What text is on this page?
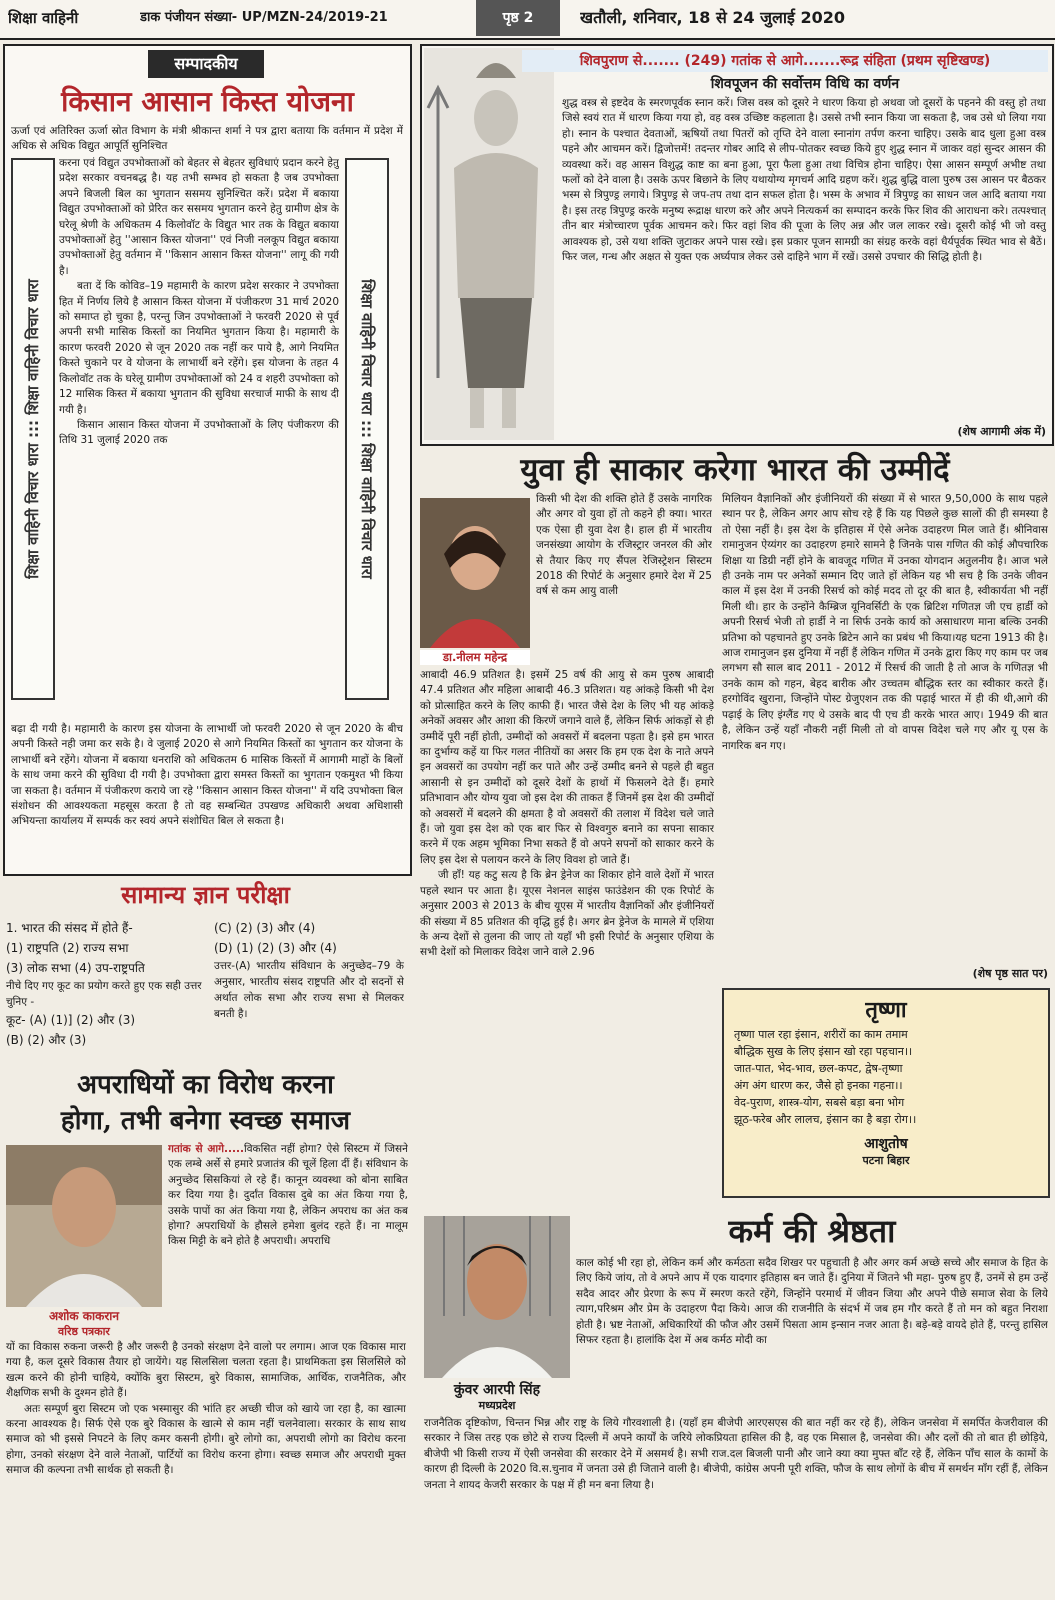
शिक्षा वाहिनी	डाक पंजीयन संख्या- UP/MZN-24/2019-21	पृष्ठ 2	खतौली, शनिवार, 18 से 24 जुलाई 2020
सम्पादकीय
किसान आसान किस्त योजना

ऊर्जा एवं अतिरिक्त ऊर्जा स्रोत विभाग के मंत्री श्रीकान्त शर्मा ने पत्र द्वारा बताया कि वर्तमान में प्रदेश में अधिक से अधिक विद्युत आपूर्ति सुनिश्चित

शिक्षा वाहिनी विचार धारा ::: शिक्षा वाहिनी विचार धारा	शिक्षा वाहिनी विचार धारा ::: शिक्षा वाहिनी विचार धारा

करना एवं विद्युत उपभोक्ताओं को बेहतर से बेहतर सुविधाएं प्रदान करने हेतु प्रदेश सरकार वचनबद्ध है। यह तभी सम्भव हो सकता है जब उपभोक्ता अपने बिजली बिल का भुगतान ससमय सुनिश्चित करें। प्रदेश में बकाया विद्युत उपभोक्ताओं को प्रेरित कर ससमय भुगतान करने हेतु ग्रामीण क्षेत्र के घरेलू श्रेणी के अधिकतम 4 किलोवॉट के विद्युत भार तक के विद्युत बकाया उपभोक्ताओं हेतु ''आसान किस्त योजना'' एवं निजी नलकूप विद्युत बकाया उपभोक्ताओं हेतु वर्तमान में ''किसान आसान किस्त योजना'' लागू की गयी है।

बता दें कि कोविड–19 महामारी के कारण प्रदेश सरकार ने उपभोक्ता हित में निर्णय लिये है आसान किस्त योजना में पंजीकरण 31 मार्च 2020 को समाप्त हो चुका है, परन्तु जिन उपभोक्ताओं ने फरवरी 2020 से पूर्व अपनी सभी मासिक किस्तों का नियमित भुगतान किया है। महामारी के कारण फरवरी 2020 से जून 2020 तक नहीं कर पाये है, आगे नियमित किस्ते चुकाने पर वे योजना के लाभार्थी बने रहेंगे। इस योजना के तहत 4 किलोवॉट तक के घरेलू ग्रामीण उपभोक्ताओं को 24 व शहरी उपभोक्ता को 12 मासिक किस्त में बकाया भुगतान की सुविधा सरचार्ज माफी के साथ दी गयी है।

किसान आसान किस्त योजना में उपभोक्ताओं के लिए पंजीकरण की तिथि 31 जुलाई 2020 तक

बढ़ा दी गयी है। महामारी के कारण इस योजना के लाभार्थी जो फरवरी 2020 से जून 2020 के बीच अपनी किस्ते नही जमा कर सके है। वे जुलाई 2020 से आगे नियमित किस्तों का भुगतान कर योजना के लाभार्थी बने रहेंगे। योजना में बकाया धनराशि को अधिकतम 6 मासिक किस्तों में आगामी माहों के बिलों के साथ जमा करने की सुविधा दी गयी है। उपभोक्ता द्वारा समस्त किस्तों का भुगतान एकमुश्त भी किया जा सकता है। वर्तमान में पंजीकरण कराये जा रहे ''किसान आसान किस्त योजना'' में यदि उपभोक्ता बिल संशोधन की आवश्यकता महसूस करता है तो वह सम्बन्धित उपखण्ड अधिकारी अथवा अधिशासी अभियन्ता कार्यालय में सम्पर्क कर स्वयं अपने संशोधित बिल ले सकता है।

सामान्य ज्ञान परीक्षा
1. भारत की संसद में होते हैं-
(1) राष्ट्रपति (2) राज्य सभा
(3) लोक सभा (4) उप-राष्ट्रपति
नीचे दिए गए कूट का प्रयोग करते हुए एक सही उत्तर चुनिए -
कूट- (A) (1)] (2) और (3)
(B) (2) और (3)
(C) (2) (3) और (4)
(D) (1) (2) (3) और (4)
उत्तर-(A) भारतीय संविधान के अनुच्छेद–79 के अनुसार, भारतीय संसद राष्ट्रपति और दो सदनों से अर्थात लोक सभा और राज्य सभा से मिलकर बनती है।
अपराधियों का विरोध करना
होगा, तभी बनेगा स्वच्छ समाज
अशोक काकरान
वरिष्ठ पत्रकार

गतांक से आगे.....विकसित नहीं होगा? ऐसे सिस्टम में जिसने एक लम्बे अर्से से हमारे प्रजातंत्र की चूलें हिला दीं हैं। संविधान के अनुच्छेद सिसकियां ले रहे हैं। कानून व्यवस्था को बोना साबित कर दिया गया है। दुर्दांत विकास दुबे का अंत किया गया है, उसके पापों का अंत किया गया है, लेकिन अपराध का अंत कब होगा? अपराधियों के हौसले हमेशा बुलंद रहते हैं। ना मालूम किस मिट्टी के बने होते है अपराधी। अपराधि

यों का विकास रुकना जरूरी है और जरूरी है उनको संरक्षण देने वालो पर लगाम। आज एक विकास मारा गया है, कल दूसरे विकास तैयार हो जायेंगे। यह सिलसिला चलता रहता है। प्राथमिकता इस सिलसिले को खत्म करने की होनी चाहिये, क्योंकि बुरा सिस्टम, बुरे विकास, सामाजिक, आर्थिक, राजनैतिक, और शैक्षणिक सभी के दुश्मन होते हैं।

अतः सम्पूर्ण बुरा सिस्टम जो एक भस्मासुर की भांति हर अच्छी चीज को खाये जा रहा है, का खात्मा करना आवश्यक है। सिर्फ ऐसे एक बुरे विकास के खात्मे से काम नहीं चलनेवाला। सरकार के साथ साथ समाज को भी इससे निपटने के लिए कमर कसनी होगी। बुरे लोगो का, अपराधी लोगो का विरोध करना होगा, उनको संरक्षण देने वाले नेताओं, पार्टियों का विरोध करना होगा। स्वच्छ समाज और अपराधी मुक्त समाज की कल्पना तभी सार्थक हो सकती है।

शिवपुराण से....... (249) गतांक से आगे.......रूद्र संहिता (प्रथम सृष्टिखण्ड)
शिवपूजन की सर्वोत्तम विधि का वर्णन

शुद्ध वस्त्र से इष्टदेव के स्मरणपूर्वक स्नान करें। जिस वस्त्र को दूसरे ने धारण किया हो अथवा जो दूसरों के पहनने की वस्तु हो तथा जिसे स्वयं रात में धारण किया गया हो, वह वस्त्र उच्छिष्ट कहलाता है। उससे तभी स्नान किया जा सकता है, जब उसे धो लिया गया हो। स्नान के पश्चात देवताओं, ऋषियों तथा पितरों को तृप्ति देने वाला स्नानांग तर्पण करना चाहिए। उसके बाद धुला हुआ वस्त्र पहने और आचमन करें। द्विजोत्तमें! तदन्तर गोबर आदि से लीप-पोतकर स्वच्छ किये हुए शुद्ध स्नान में जाकर वहां सुन्दर आसन की व्यवस्था करें। वह आसन विशुद्ध काष्ट का बना हुआ, पूरा फैला हुआ तथा विचित्र होना चाहिए। ऐसा आसन सम्पूर्ण अभीष्ट तथा फलों को देने वाला है। उसके ऊपर बिछाने के लिए यथायोग्य मृगचर्म आदि ग्रहण करें। शुद्ध बुद्धि वाला पुरुष उस आसन पर बैठकर भस्म से त्रिपुण्ड्र लगाये। त्रिपुण्ड्र से जप-तप तथा दान सफल होता है। भस्म के अभाव में त्रिपुण्ड्र का साधन जल आदि बताया गया है। इस तरह त्रिपुण्ड्र करके मनुष्य रूद्राक्ष धारण करे और अपने नित्यकर्म का सम्पादन करके फिर शिव की आराधना करे। तत्पश्चात् तीन बार मंत्रोच्चारण पूर्वक आचमन करे। फिर वहां शिव की पूजा के लिए अन्न और जल लाकर रखे। दूसरी कोई भी जो वस्तु आवश्यक हो, उसे यथा शक्ति जुटाकर अपने पास रखे। इस प्रकार पूजन सामग्री का संग्रह करके वहां धैर्यपूर्वक स्थित भाव से बैठें। फिर जल, गन्ध और अक्षत से युक्त एक अर्घ्यपात्र लेकर उसे दाहिने भाग में रखें। उससे उपचार की सिद्धि होती है।

(शेष आगामी अंक में)
युवा ही साकार करेगा भारत की उम्मीदें
डा.नीलम महेन्द्र

किसी भी देश की शक्ति होते हैं उसके नागरिक और अगर वो युवा हों तो कहने ही क्या। भारत एक ऐसा ही युवा देश है। हाल ही में भारतीय जनसंख्या आयोग के रजिस्ट्रार जनरल की ओर से तैयार किए गए सैंपल रेजिस्ट्रेशन सिस्टम 2018 की रिपोर्ट के अनुसार हमारे देश में 25 वर्ष से कम आयु वाली

आबादी 46.9 प्रतिशत है। इसमें 25 वर्ष की आयु से कम पुरुष आबादी 47.4 प्रतिशत और महिला आबादी 46.3 प्रतिशत। यह आंकड़े किसी भी देश को प्रोत्साहित करने के लिए काफी हैं। भारत जैसे देश के लिए भी यह आंकड़े अनेकों अवसर और आशा की किरणें जगाने वाले हैं, लेकिन सिर्फ आंकड़ों से ही उम्मीदें पूरी नहीं होती, उम्मीदों को अवसरों में बदलना पड़ता है। इसे हम भारत का दुर्भाग्य कहें या फिर गलत नीतियों का असर कि हम एक देश के नाते अपने इन अवसरों का उपयोग नहीं कर पाते और उन्हें उम्मीद बनने से पहले ही बहुत आसानी से इन उम्मीदों को दूसरे देशों के हाथों में फिसलने देते हैं। हमारे प्रतिभावान और योग्य युवा जो इस देश की ताकत हैं जिनमें इस देश की उम्मीदों को अवसरों में बदलने की क्षमता है वो अवसरों की तलाश में विदेश चले जाते हैं। जो युवा इस देश को एक बार फिर से विश्वगुरु बनाने का सपना साकार करने में एक अहम भूमिका निभा सकते हैं वो अपने सपनों को साकार करने के लिए इस देश से पलायन करने के लिए विवश हो जाते हैं।

जी हाँ! यह कटु सत्य है कि ब्रेन ड्रेनेज का शिकार होने वाले देशों में भारत पहले स्थान पर आता है। यूएस नेशनल साइंस फाउंडेशन की एक रिपोर्ट के अनुसार 2003 से 2013 के बीच यूएस में भारतीय वैज्ञानिकों और इंजीनियरों की संख्या में 85 प्रतिशत की वृद्धि हुई है। अगर ब्रेन ड्रेनेज के मामले में एशिया के अन्य देशों से तुलना की जाए तो यहाँ भी इसी रिपोर्ट के अनुसार एशिया के सभी देशों को मिलाकर विदेश जाने वाले 2.96

मिलियन वैज्ञानिकों और इंजीनियरों की संख्या में से भारत 9,50,000 के साथ पहले स्थान पर है, लेकिन अगर आप सोच रहे हैं कि यह पिछले कुछ सालों की ही समस्या है तो ऐसा नहीं है। इस देश के इतिहास में ऐसे अनेक उदाहरण मिल जाते हैं। श्रीनिवास रामानुजन ऐय्यंगर का उदाहरण हमारे सामने है जिनके पास गणित की कोई औपचारिक शिक्षा या डिग्री नहीं होने के बावजूद गणित में उनका योगदान अतुलनीय है। आज भले ही उनके नाम पर अनेकों सम्मान दिए जाते हों लेकिन यह भी सच है कि उनके जीवन काल में इस देश में उनकी रिसर्च को कोई मदद तो दूर की बात है, स्वीकार्यता भी नहीं मिली थी। हार के उन्होंने कैम्ब्रिज यूनिवर्सिटी के एक ब्रिटिश गणितज्ञ जी एच हार्डी को अपनी रिसर्च भेजी तो हार्डी ने ना सिर्फ उनके कार्य को असाधारण माना बल्कि उनकी प्रतिभा को पहचानते हुए उनके ब्रिटेन आने का प्रबंध भी किया।यह घटना 1913 की है।आज रामानुजन इस दुनिया में नहीं हैं लेकिन गणित में उनके द्वारा किए गए काम पर जब लगभग सौ साल बाद 2011 - 2012 में रिसर्च की जाती है तो आज के गणितज्ञ भी उनके काम को गहन, बेहद बारीक और उच्चतम बौद्धिक स्तर का स्वीकार करते हैं। हरगोविंद खुराना, जिन्होंने पोस्ट ग्रेजुएशन तक की पढ़ाई भारत में ही की थी,आगे की पढ़ाई के लिए इंग्लैंड गए थे उसके बाद पी एच डी करके भारत आए। 1949 की बात है, लेकिन उन्हें यहाँ नौकरी नहीं मिली तो वो वापस विदेश चले गए और यू एस के नागरिक बन गए।

(शेष पृष्ठ सात पर)
तृष्णा

तृष्णा पाल रहा इंसान, शरीरों का काम तमाम

बौद्धिक सुख के लिए इंसान खो रहा पहचान।।

जात-पात, भेद-भाव, छल-कपट, द्वेष-तृष्णा

अंग अंग धारण कर, जैसे हो इनका गहना।।

वेद-पुराण, शास्त्र-योग, सबसे बड़ा बना भोग

झूठ-फरेब और लालच, इंसान का है बड़ा रोग।।

आशुतोष
पटना बिहार
कुंवर आरपी सिंह
मध्यप्रदेश
कर्म की श्रेष्ठता

काल कोई भी रहा हो, लेकिन कर्म और कर्मठता सदैव शिखर पर पहुचाती है और अगर कर्म अच्छे सच्चे और समाज के हित के लिए किये जांय, तो वे अपने आप में एक यादगार इतिहास बन जाते हैं। दुनिया में जितने भी महा- पुरुष हुए हैं, उनमें से हम उन्हें सदैव आदर और प्रेरणा के रूप में स्मरण करते रहेंगे, जिन्होंने परमार्थ में जीवन जिया और अपने पीछे समाज सेवा के लिये त्याग,परिश्रम और प्रेम के उदाहरण पैदा किये। आज की राजनीति के संदर्भ में जब हम गौर करते हैं तो मन को बहुत निराशा होती है। भ्रष्ट नेताओं, अधिकारियों की फौज और उसमें पिसता आम इन्सान नजर आता है। बड़े-बड़े वायदे होते हैं, परन्तु हासिल सिफर रहता है। हालांकि देश में अब कर्मठ मोदी का

राजनैतिक दृष्टिकोण, चिन्तन भिन्न और राष्ट्र के लिये गौरवशाली है। (यहाँ हम बीजेपी आरएसएस की बात नहीं कर रहे हैं), लेकिन जनसेवा में समर्पित केजरीवाल की सरकार ने जिस तरह एक छोटे से राज्य दिल्ली में अपने कार्यों के जरिये लोकप्रियता हासिल की है, वह एक मिसाल है, जनसेवा की। और दलों की तो बात ही छोड़िये, बीजेपी भी किसी राज्य में ऐसी जनसेवा की सरकार देने में असमर्थ है। सभी राज.दल बिजली पानी और जाने क्या क्या मुफ्त बाँट रहे हैं, लेकिन पाँच साल के कामों के कारण ही दिल्ली के 2020 वि.स.चुनाव में जनता उसे ही जिताने वाली है। बीजेपी, कांग्रेस अपनी पूरी शक्ति, फौज के साथ लोगों के बीच में समर्थन माँग रहीं हैं, लेकिन जनता ने शायद केजरी सरकार के पक्ष में ही मन बना लिया है।
